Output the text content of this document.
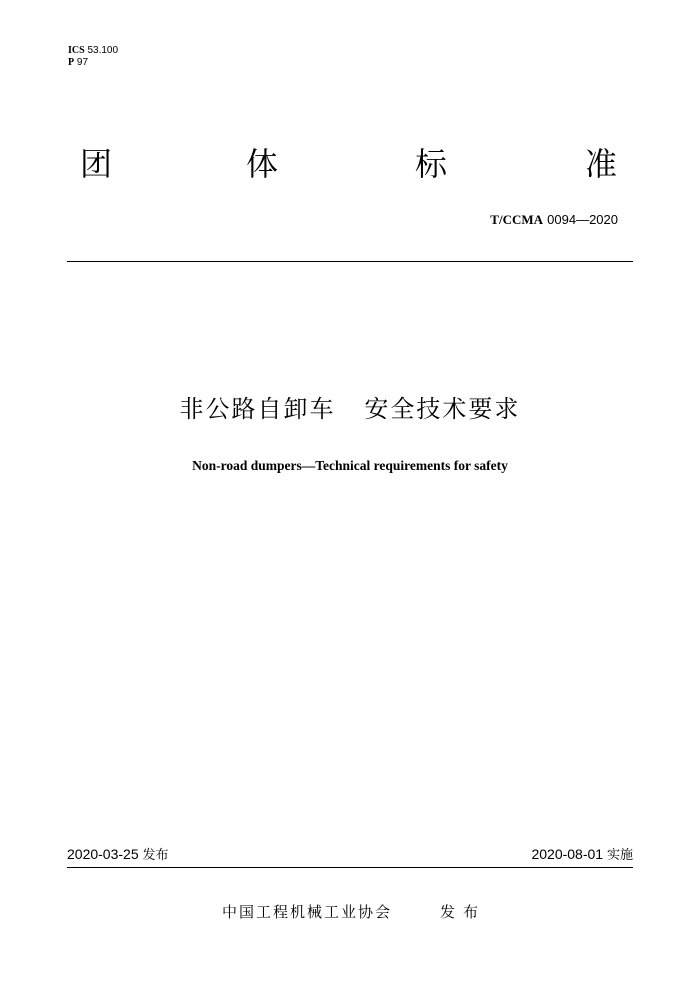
ICS 53.100
P 97
团	体	标	准
T/CCMA 0094—2020
非公路自卸车   安全技术要求
Non-road dumpers—Technical requirements for safety
2020-03-25 发布	2020-08-01 实施
中国工程机械工业协会	发布
